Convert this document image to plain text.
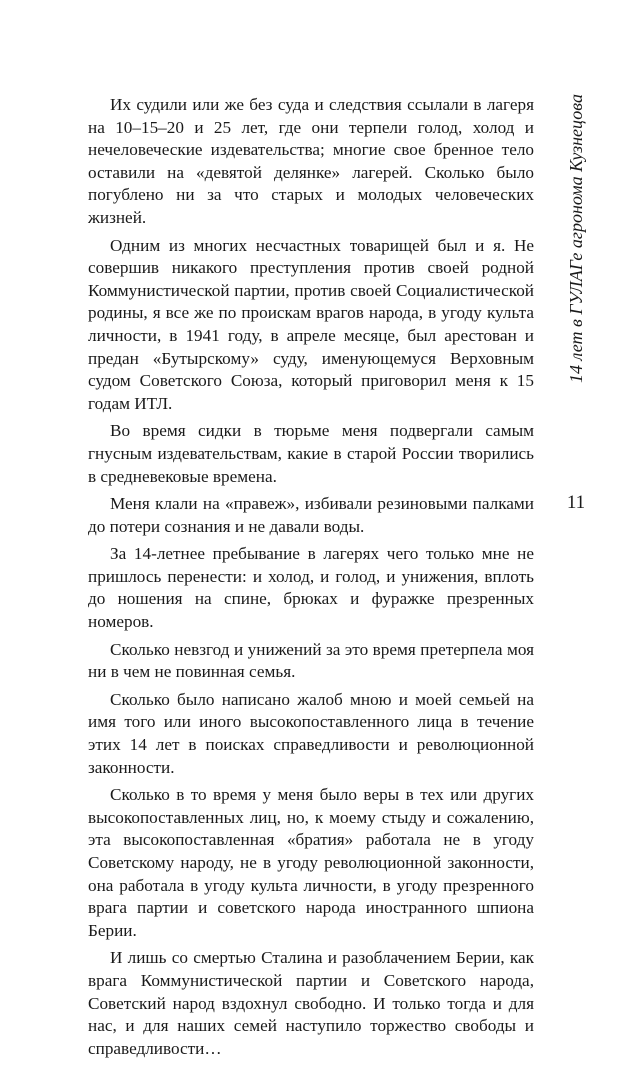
Их судили или же без суда и следствия ссылали в лагеря на 10–15–20 и 25 лет, где они терпели голод, холод и нечеловеческие издевательства; многие свое бренное тело оставили на «девятой делянке» лагерей. Сколько было погублено ни за что старых и молодых человеческих жизней.

Одним из многих несчастных товарищей был и я. Не совершив никакого преступления против своей родной Коммунистической партии, против своей Социалистической родины, я все же по проискам врагов народа, в угоду культа личности, в 1941 году, в апреле месяце, был арестован и предан «Бутырскому» суду, именующемуся Верховным судом Советского Союза, который приговорил меня к 15 годам ИТЛ.

Во время сидки в тюрьме меня подвергали самым гнусным издевательствам, какие в старой России творились в средневековые времена.

Меня клали на «правеж», избивали резиновыми палками до потери сознания и не давали воды.

За 14-летнее пребывание в лагерях чего только мне не пришлось перенести: и холод, и голод, и унижения, вплоть до ношения на спине, брюках и фуражке презренных номеров.

Сколько невзгод и унижений за это время претерпела моя ни в чем не повинная семья.

Сколько было написано жалоб мною и моей семьей на имя того или иного высокопоставленного лица в течение этих 14 лет в поисках справедливости и революционной законности.

Сколько в то время у меня было веры в тех или других высокопоставленных лиц, но, к моему стыду и сожалению, эта высокопоставленная «братия» работала не в угоду Советскому народу, не в угоду революционной законности, она работала в угоду культа личности, в угоду презренного врага партии и советского народа иностранного шпиона Берии.

И лишь со смертью Сталина и разоблачением Берии, как врага Коммунистической партии и Советского народа, Советский народ вздохнул свободно. И только тогда и для нас, и для наших семей наступило торжество свободы и справедливости…

14 лет в ГУЛАГе агронома Кузнецова
11
